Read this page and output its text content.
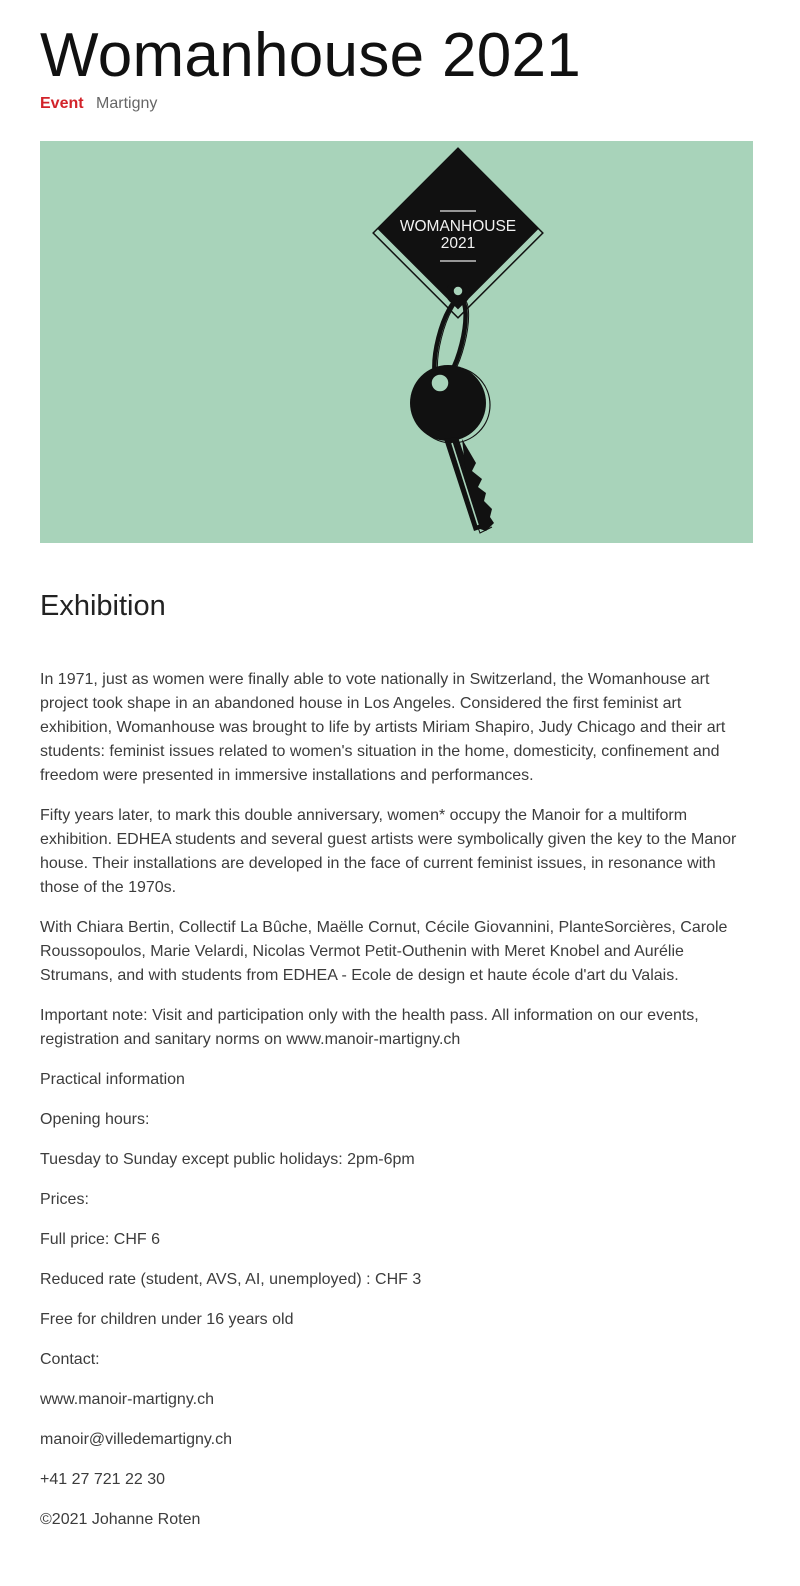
Womanhouse 2021
Event Martigny
WOMANHOUSE
2021
Exhibition

In 1971, just as women were finally able to vote nationally in Switzerland, the Womanhouse art project took shape in an abandoned house in Los Angeles. Considered the first feminist art exhibition, Womanhouse was brought to life by artists Miriam Shapiro, Judy Chicago and their art students: feminist issues related to women's situation in the home, domesticity, confinement and freedom were presented in immersive installations and performances.

Fifty years later, to mark this double anniversary, women* occupy the Manoir for a multiform exhibition. EDHEA students and several guest artists were symbolically given the key to the Manor house. Their installations are developed in the face of current feminist issues, in resonance with those of the 1970s.

With Chiara Bertin, Collectif La Bûche, Maëlle Cornut, Cécile Giovannini, PlanteSorcières, Carole Roussopoulos, Marie Velardi, Nicolas Vermot Petit-Outhenin with Meret Knobel and Aurélie Strumans, and with students from EDHEA - Ecole de design et haute école d'art du Valais.

Important note: Visit and participation only with the health pass. All information on our events, registration and sanitary norms on www.manoir-martigny.ch

Practical information

Opening hours:

Tuesday to Sunday except public holidays: 2pm-6pm

Prices:

Full price: CHF 6

Reduced rate (student, AVS, AI, unemployed) : CHF 3

Free for children under 16 years old

Contact:

www.manoir-martigny.ch

manoir@villedemartigny.ch

+41 27 721 22 30

©2021 Johanne Roten
